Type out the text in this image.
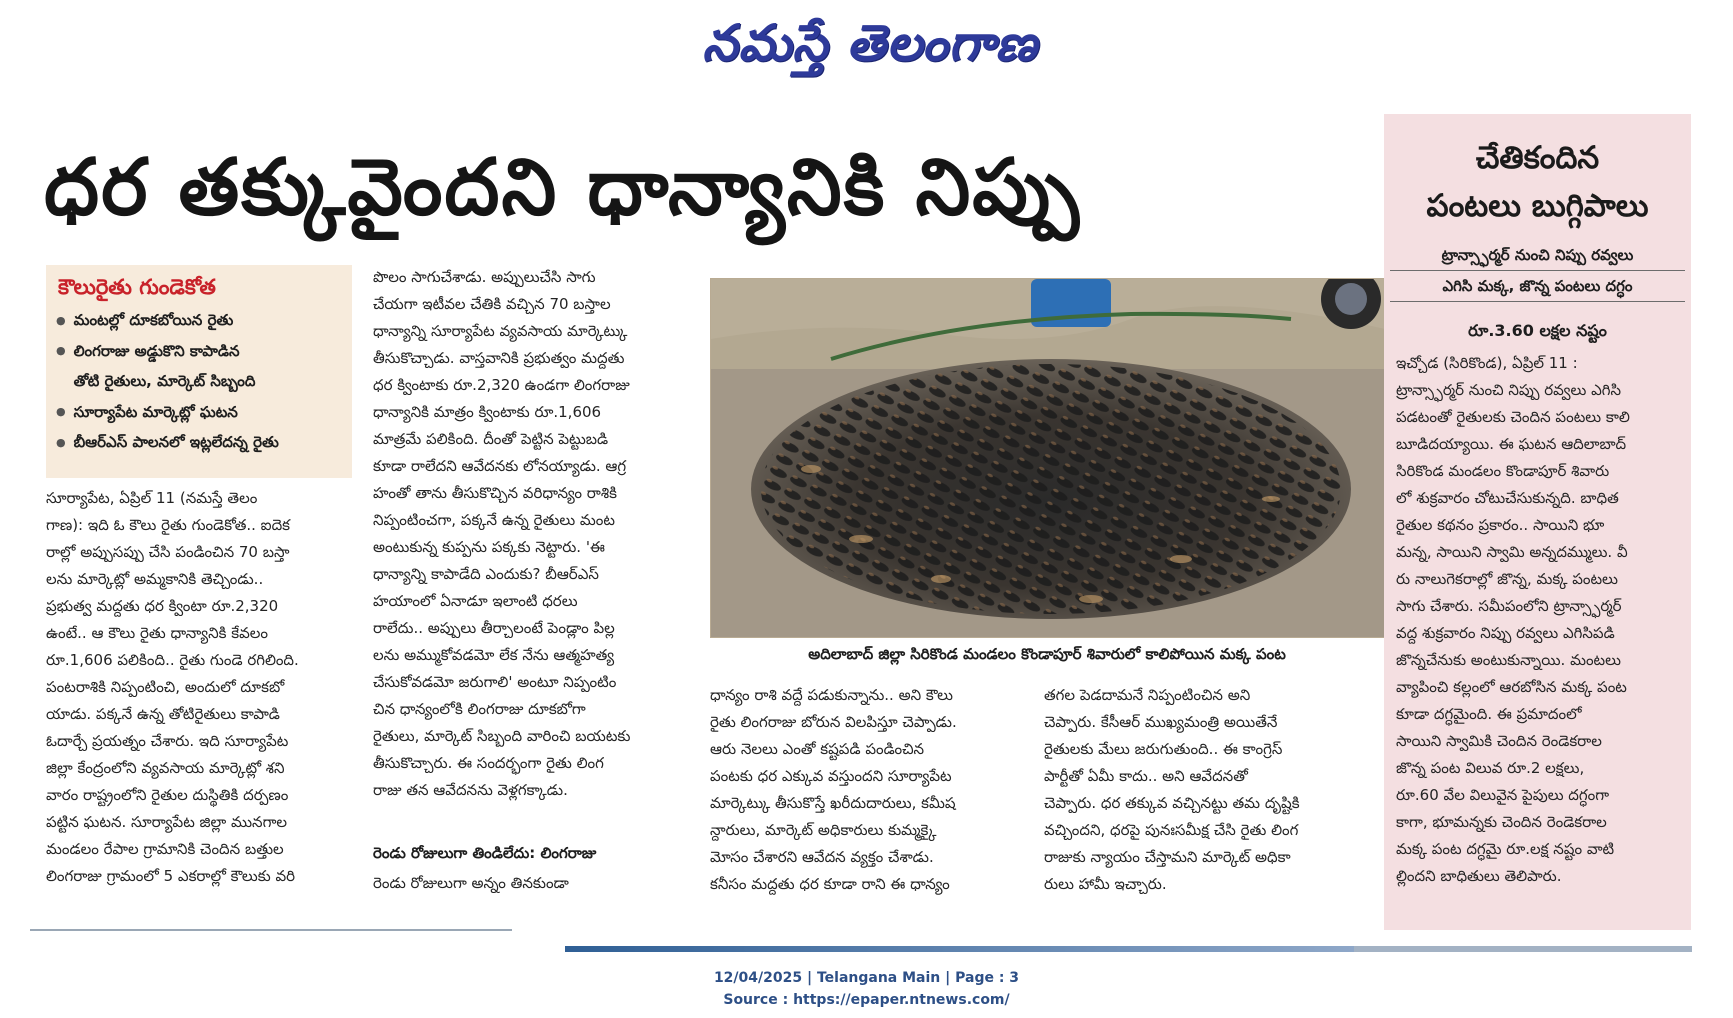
నమస్తే తెలంగాణ
ధర తక్కువైందని ధాన్యానికి నిప్పు
కౌలురైతు గుండెకోత
● మంటల్లో దూకబోయిన రైతు
● లింగరాజు అడ్డుకొని కాపాడిన
తోటి రైతులు, మార్కెట్ సిబ్బంది
● సూర్యాపేట మార్కెట్లో ఘటన
● బీఆర్ఎస్ పాలనలో ఇట్లలేదన్న రైతు
సూర్యాపేట, ఏప్రిల్ 11 (నమస్తే తెలం
గాణ): ఇది ఓ కౌలు రైతు గుండెకోత.. ఐదెక
రాల్లో అప్పుసప్పు చేసి పండించిన 70 బస్తా
లను మార్కెట్లో అమ్మకానికి తెచ్చిండు..
ప్రభుత్వ మద్దతు ధర క్వింటా రూ.2,320
ఉంటే.. ఆ కౌలు రైతు ధాన్యానికి కేవలం
రూ.1,606 పలికింది.. రైతు గుండె రగిలింది.
పంటరాశికి నిప్పంటించి, అందులో దూకబో
యాడు. పక్కనే ఉన్న తోటిరైతులు కాపాడి
ఓదార్చే ప్రయత్నం చేశారు. ఇది సూర్యాపేట
జిల్లా కేంద్రంలోని వ్యవసాయ మార్కెట్లో శని
వారం రాష్ట్రంలోని రైతుల దుస్థితికి దర్పణం
పట్టిన ఘటన. సూర్యాపేట జిల్లా మునగాల
మండలం రేపాల గ్రామానికి చెందిన బత్తుల
లింగరాజు గ్రామంలో 5 ఎకరాల్లో కౌలుకు వరి
పొలం సాగుచేశాడు. అప్పులుచేసి సాగు
చేయగా ఇటీవల చేతికి వచ్చిన 70 బస్తాల
ధాన్యాన్ని సూర్యాపేట వ్యవసాయ మార్కెట్కు
తీసుకొచ్చాడు. వాస్తవానికి ప్రభుత్వం మద్దతు
ధర క్వింటాకు రూ.2,320 ఉండగా లింగరాజు
ధాన్యానికి మాత్రం క్వింటాకు రూ.1,606
మాత్రమే పలికింది. దీంతో పెట్టిన పెట్టుబడి
కూడా రాలేదని ఆవేదనకు లోనయ్యాడు. ఆగ్ర
హంతో తాను తీసుకొచ్చిన వరిధాన్యం రాశికి
నిప్పంటించగా, పక్కనే ఉన్న రైతులు మంట
అంటుకున్న కుప్పను పక్కకు నెట్టారు. 'ఈ
ధాన్యాన్ని కాపాడేది ఎందుకు? బీఆర్ఎస్
హయాంలో ఏనాడూ ఇలాంటి ధరలు
రాలేదు.. అప్పులు తీర్చాలంటే పెండ్లాం పిల్ల
లను అమ్ముకోవడమో లేక నేను ఆత్మహత్య
చేసుకోవడమో జరుగాలి' అంటూ నిప్పంటిం
చిన ధాన్యంలోకి లింగరాజు దూకబోగా
రైతులు, మార్కెట్ సిబ్బంది వారించి బయటకు
తీసుకొచ్చారు. ఈ సందర్భంగా రైతు లింగ
రాజు తన ఆవేదనను వెళ్లగక్కాడు.
రెండు రోజులుగా తిండిలేదు: లింగరాజు
రెండు రోజులుగా అన్నం తినకుండా
అదిలాబాద్ జిల్లా సిరికొండ మండలం కొండాపూర్ శివారులో కాలిపోయిన మక్క పంట
ధాన్యం రాశి వద్దే పడుకున్నాను.. అని కౌలు
రైతు లింగరాజు బోరున విలపిస్తూ చెప్పాడు.
ఆరు నెలలు ఎంతో కష్టపడి పండించిన
పంటకు ధర ఎక్కువ వస్తుందని సూర్యాపేట
మార్కెట్కు తీసుకొస్తే ఖరీదుదారులు, కమీష
న్దారులు, మార్కెట్ అధికారులు కుమ్మక్కై
మోసం చేశారని ఆవేదన వ్యక్తం చేశాడు.
కనీసం మద్దతు ధర కూడా రాని ఈ ధాన్యం
తగల పెడదామనే నిప్పంటించిన అని
చెప్పారు. కేసీఆర్ ముఖ్యమంత్రి అయితేనే
రైతులకు మేలు జరుగుతుంది.. ఈ కాంగ్రెస్
పార్టీతో ఏమీ కాదు.. అని ఆవేదనతో
చెప్పారు. ధర తక్కువ వచ్చినట్టు తమ దృష్టికి
వచ్చిందని, ధరపై పునఃసమీక్ష చేసి రైతు లింగ
రాజుకు న్యాయం చేస్తామని మార్కెట్ అధికా
రులు హామీ ఇచ్చారు.
చేతికందిన
పంటలు బుగ్గిపాలు
ట్రాన్స్ఫార్మర్ నుంచి నిప్పు రవ్వలు
ఎగిసి మక్క, జొన్న పంటలు దగ్ధం
రూ.3.60 లక్షల నష్టం
ఇచ్చోడ (సిరికొండ), ఏప్రిల్ 11 :
ట్రాన్స్ఫార్మర్ నుంచి నిప్పు రవ్వలు ఎగిసి
పడటంతో రైతులకు చెందిన పంటలు కాలి
బూడిదయ్యాయి. ఈ ఘటన ఆదిలాబాద్
సిరికొండ మండలం కొండాపూర్ శివారు
లో శుక్రవారం చోటుచేసుకున్నది. బాధిత
రైతుల కథనం ప్రకారం.. సాయిని భూ
మన్న, సాయిని స్వామి అన్నదమ్ములు. వీ
రు నాలుగెకరాల్లో జొన్న, మక్క పంటలు
సాగు చేశారు. సమీపంలోని ట్రాన్స్ఫార్మర్
వద్ద శుక్రవారం నిప్పు రవ్వలు ఎగిసిపడి
జొన్నచేనుకు అంటుకున్నాయి. మంటలు
వ్యాపించి కల్లంలో ఆరబోసిన మక్క పంట
కూడా దగ్ధమైంది. ఈ ప్రమాదంలో
సాయిని స్వామికి చెందిన రెండెకరాల
జొన్న పంట విలువ రూ.2 లక్షలు,
రూ.60 వేల విలువైన పైపులు దగ్ధంగా
కాగా, భూమన్నకు చెందిన రెండెకరాల
మక్క పంట దగ్ధమై రూ.లక్ష నష్టం వాటి
ల్లిందని బాధితులు తెలిపారు.
12/04/2025 | Telangana Main | Page : 3
Source : https://epaper.ntnews.com/
